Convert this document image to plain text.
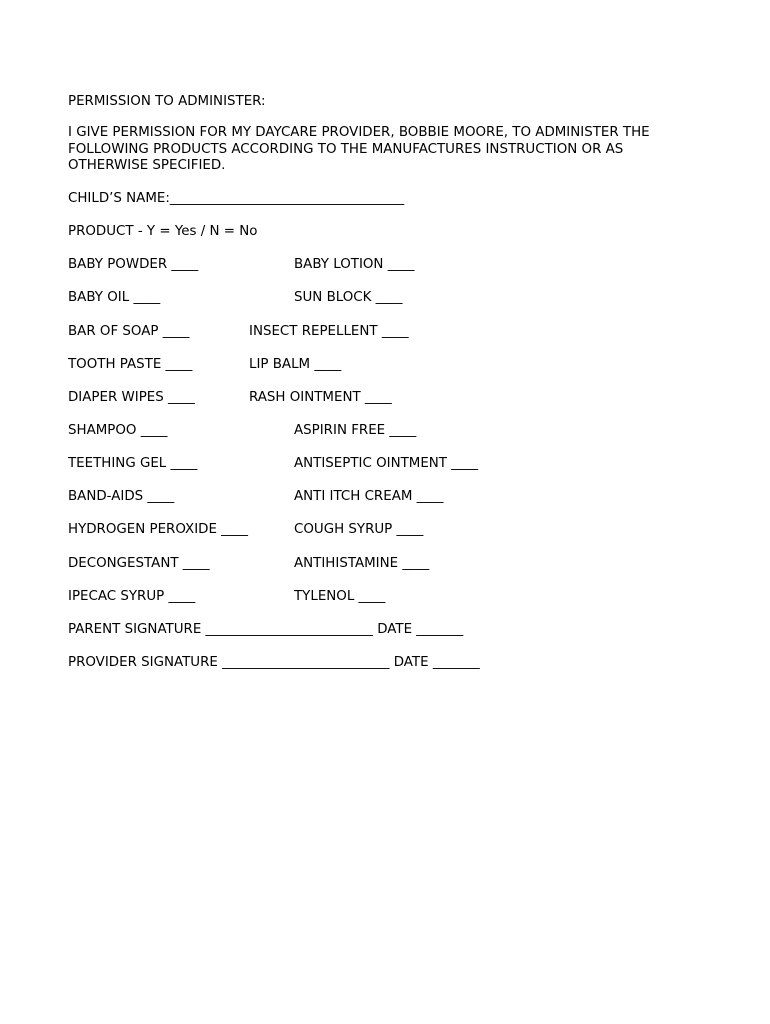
PERMISSION TO ADMINISTER:
I GIVE PERMISSION FOR MY DAYCARE PROVIDER, BOBBIE MOORE, TO ADMINISTER THE FOLLOWING PRODUCTS ACCORDING TO THE MANUFACTURES INSTRUCTION OR AS OTHERWISE SPECIFIED.
CHILD’S NAME:___________________________________
PRODUCT - Y = Yes / N = No
BABY POWDER ____	BABY LOTION ____
BABY OIL ____	SUN BLOCK ____
BAR OF SOAP ____	INSECT REPELLENT ____
TOOTH PASTE ____	LIP BALM ____
DIAPER WIPES ____	RASH OINTMENT ____
SHAMPOO ____	ASPIRIN FREE ____
TEETHING GEL ____	ANTISEPTIC OINTMENT ____
BAND-AIDS ____	ANTI ITCH CREAM ____
HYDROGEN PEROXIDE ____	COUGH SYRUP ____
DECONGESTANT ____	ANTIHISTAMINE ____
IPECAC SYRUP ____	TYLENOL ____
PARENT SIGNATURE _________________________ DATE _______
PROVIDER SIGNATURE _________________________ DATE _______
